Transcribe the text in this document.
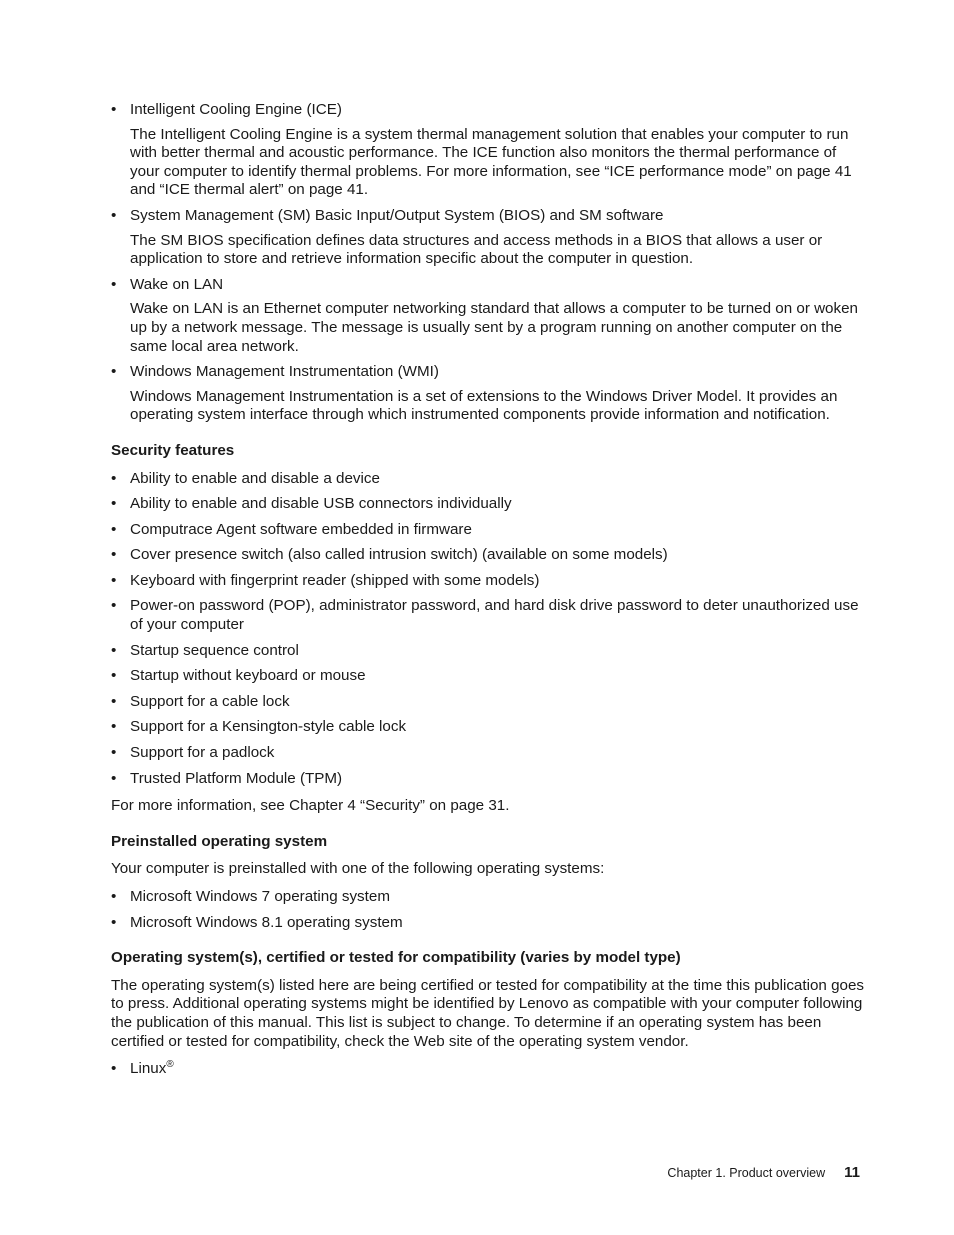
• Intelligent Cooling Engine (ICE)

The Intelligent Cooling Engine is a system thermal management solution that enables your computer to run with better thermal and acoustic performance. The ICE function also monitors the thermal performance of your computer to identify thermal problems. For more information, see “ICE performance mode” on page 41 and “ICE thermal alert” on page 41.

• System Management (SM) Basic Input/Output System (BIOS) and SM software

The SM BIOS specification defines data structures and access methods in a BIOS that allows a user or application to store and retrieve information specific about the computer in question.

• Wake on LAN

Wake on LAN is an Ethernet computer networking standard that allows a computer to be turned on or woken up by a network message. The message is usually sent by a program running on another computer on the same local area network.

• Windows Management Instrumentation (WMI)

Windows Management Instrumentation is a set of extensions to the Windows Driver Model. It provides an operating system interface through which instrumented components provide information and notification.

Security features
• Ability to enable and disable a device
• Ability to enable and disable USB connectors individually
• Computrace Agent software embedded in firmware
• Cover presence switch (also called intrusion switch) (available on some models)
• Keyboard with fingerprint reader (shipped with some models)
• Power-on password (POP), administrator password, and hard disk drive password to deter unauthorized use of your computer
• Startup sequence control
• Startup without keyboard or mouse
• Support for a cable lock
• Support for a Kensington-style cable lock
• Support for a padlock
• Trusted Platform Module (TPM)

For more information, see Chapter 4 “Security” on page 31.

Preinstalled operating system

Your computer is preinstalled with one of the following operating systems:

• Microsoft Windows 7 operating system
• Microsoft Windows 8.1 operating system
Operating system(s), certified or tested for compatibility (varies by model type)

The operating system(s) listed here are being certified or tested for compatibility at the time this publication goes to press. Additional operating systems might be identified by Lenovo as compatible with your computer following the publication of this manual. This list is subject to change. To determine if an operating system has been certified or tested for compatibility, check the Web site of the operating system vendor.

• Linux®
Chapter 1. Product overview 11
